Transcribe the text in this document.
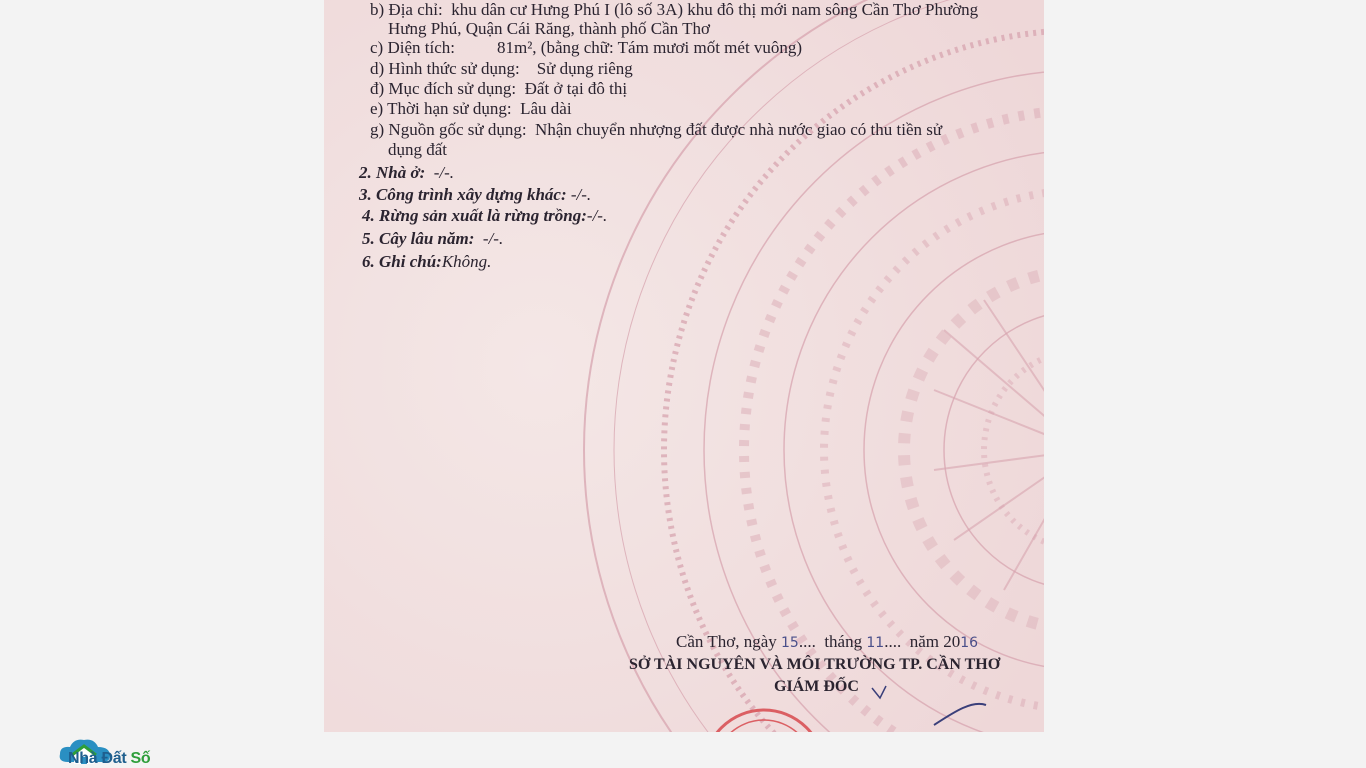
b) Địa chỉ: khu dân cư Hưng Phú I (lô số 3A) khu đô thị mới nam sông Cần Thơ Phường
Hưng Phú, Quận Cái Răng, thành phố Cần Thơ
c) Diện tích: 81m², (bằng chữ: Tám mươi mốt mét vuông)
d) Hình thức sử dụng: Sử dụng riêng
đ) Mục đích sử dụng: Đất ở tại đô thị
e) Thời hạn sử dụng: Lâu dài
g) Nguồn gốc sử dụng: Nhận chuyển nhượng đất được nhà nước giao có thu tiền sử
dụng đất
2. Nhà ở: -/-.
3. Công trình xây dựng khác: -/-.
4. Rừng sản xuất là rừng trồng:-/-.
5. Cây lâu năm: -/-.
6. Ghi chú:Không.
Cần Thơ, ngày 15....  tháng 11....  năm 2016
SỞ TÀI NGUYÊN VÀ MÔI TRƯỜNG TP. CẦN THƠ
GIÁM ĐỐC
Nhà Đất Số
